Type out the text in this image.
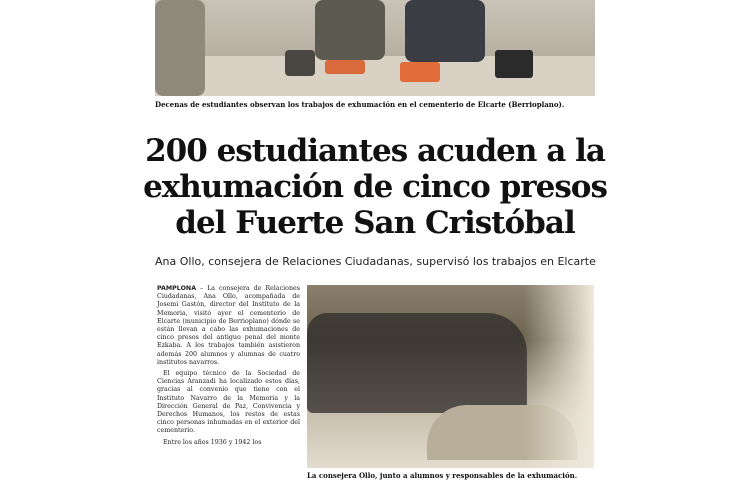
Decenas de estudiantes observan los trabajos de exhumación en el cementerio de Elcarte (Berrioplano).
200 estudiantes acuden a la
exhumación de cinco presos
del Fuerte San Cristóbal
Ana Ollo, consejera de Relaciones Ciudadanas, supervisó los trabajos en Elcarte

PAMPLONA – La consejera de Relaciones Ciudadanas, Ana Ollo, acompañada de Josemi Gastón, director del Instituto de la Memoria, visitó ayer el cementerio de Elcarte (municipio de Berrioplano) dónde se están llevan a cabo las exhumaciones de cinco presos del antiguo penal del monte Ezkaba. A los trabajos también asistieron además 200 alumnos y alumnas de cuatro institutos navarros.

El equipo técnico de la Sociedad de Ciencias Aranzadi ha localizado estos días, gracias al convenio que tiene con el Instituto Navarro de la Memoria y la Dirección General de Paz, Convivencia y Derechos Humanos, los restos de estas cinco personas inhumadas en el exterior del cementerio.

Entre los años 1936 y 1942 los

La consejera Ollo, junto a alumnos y responsables de la exhumación.
